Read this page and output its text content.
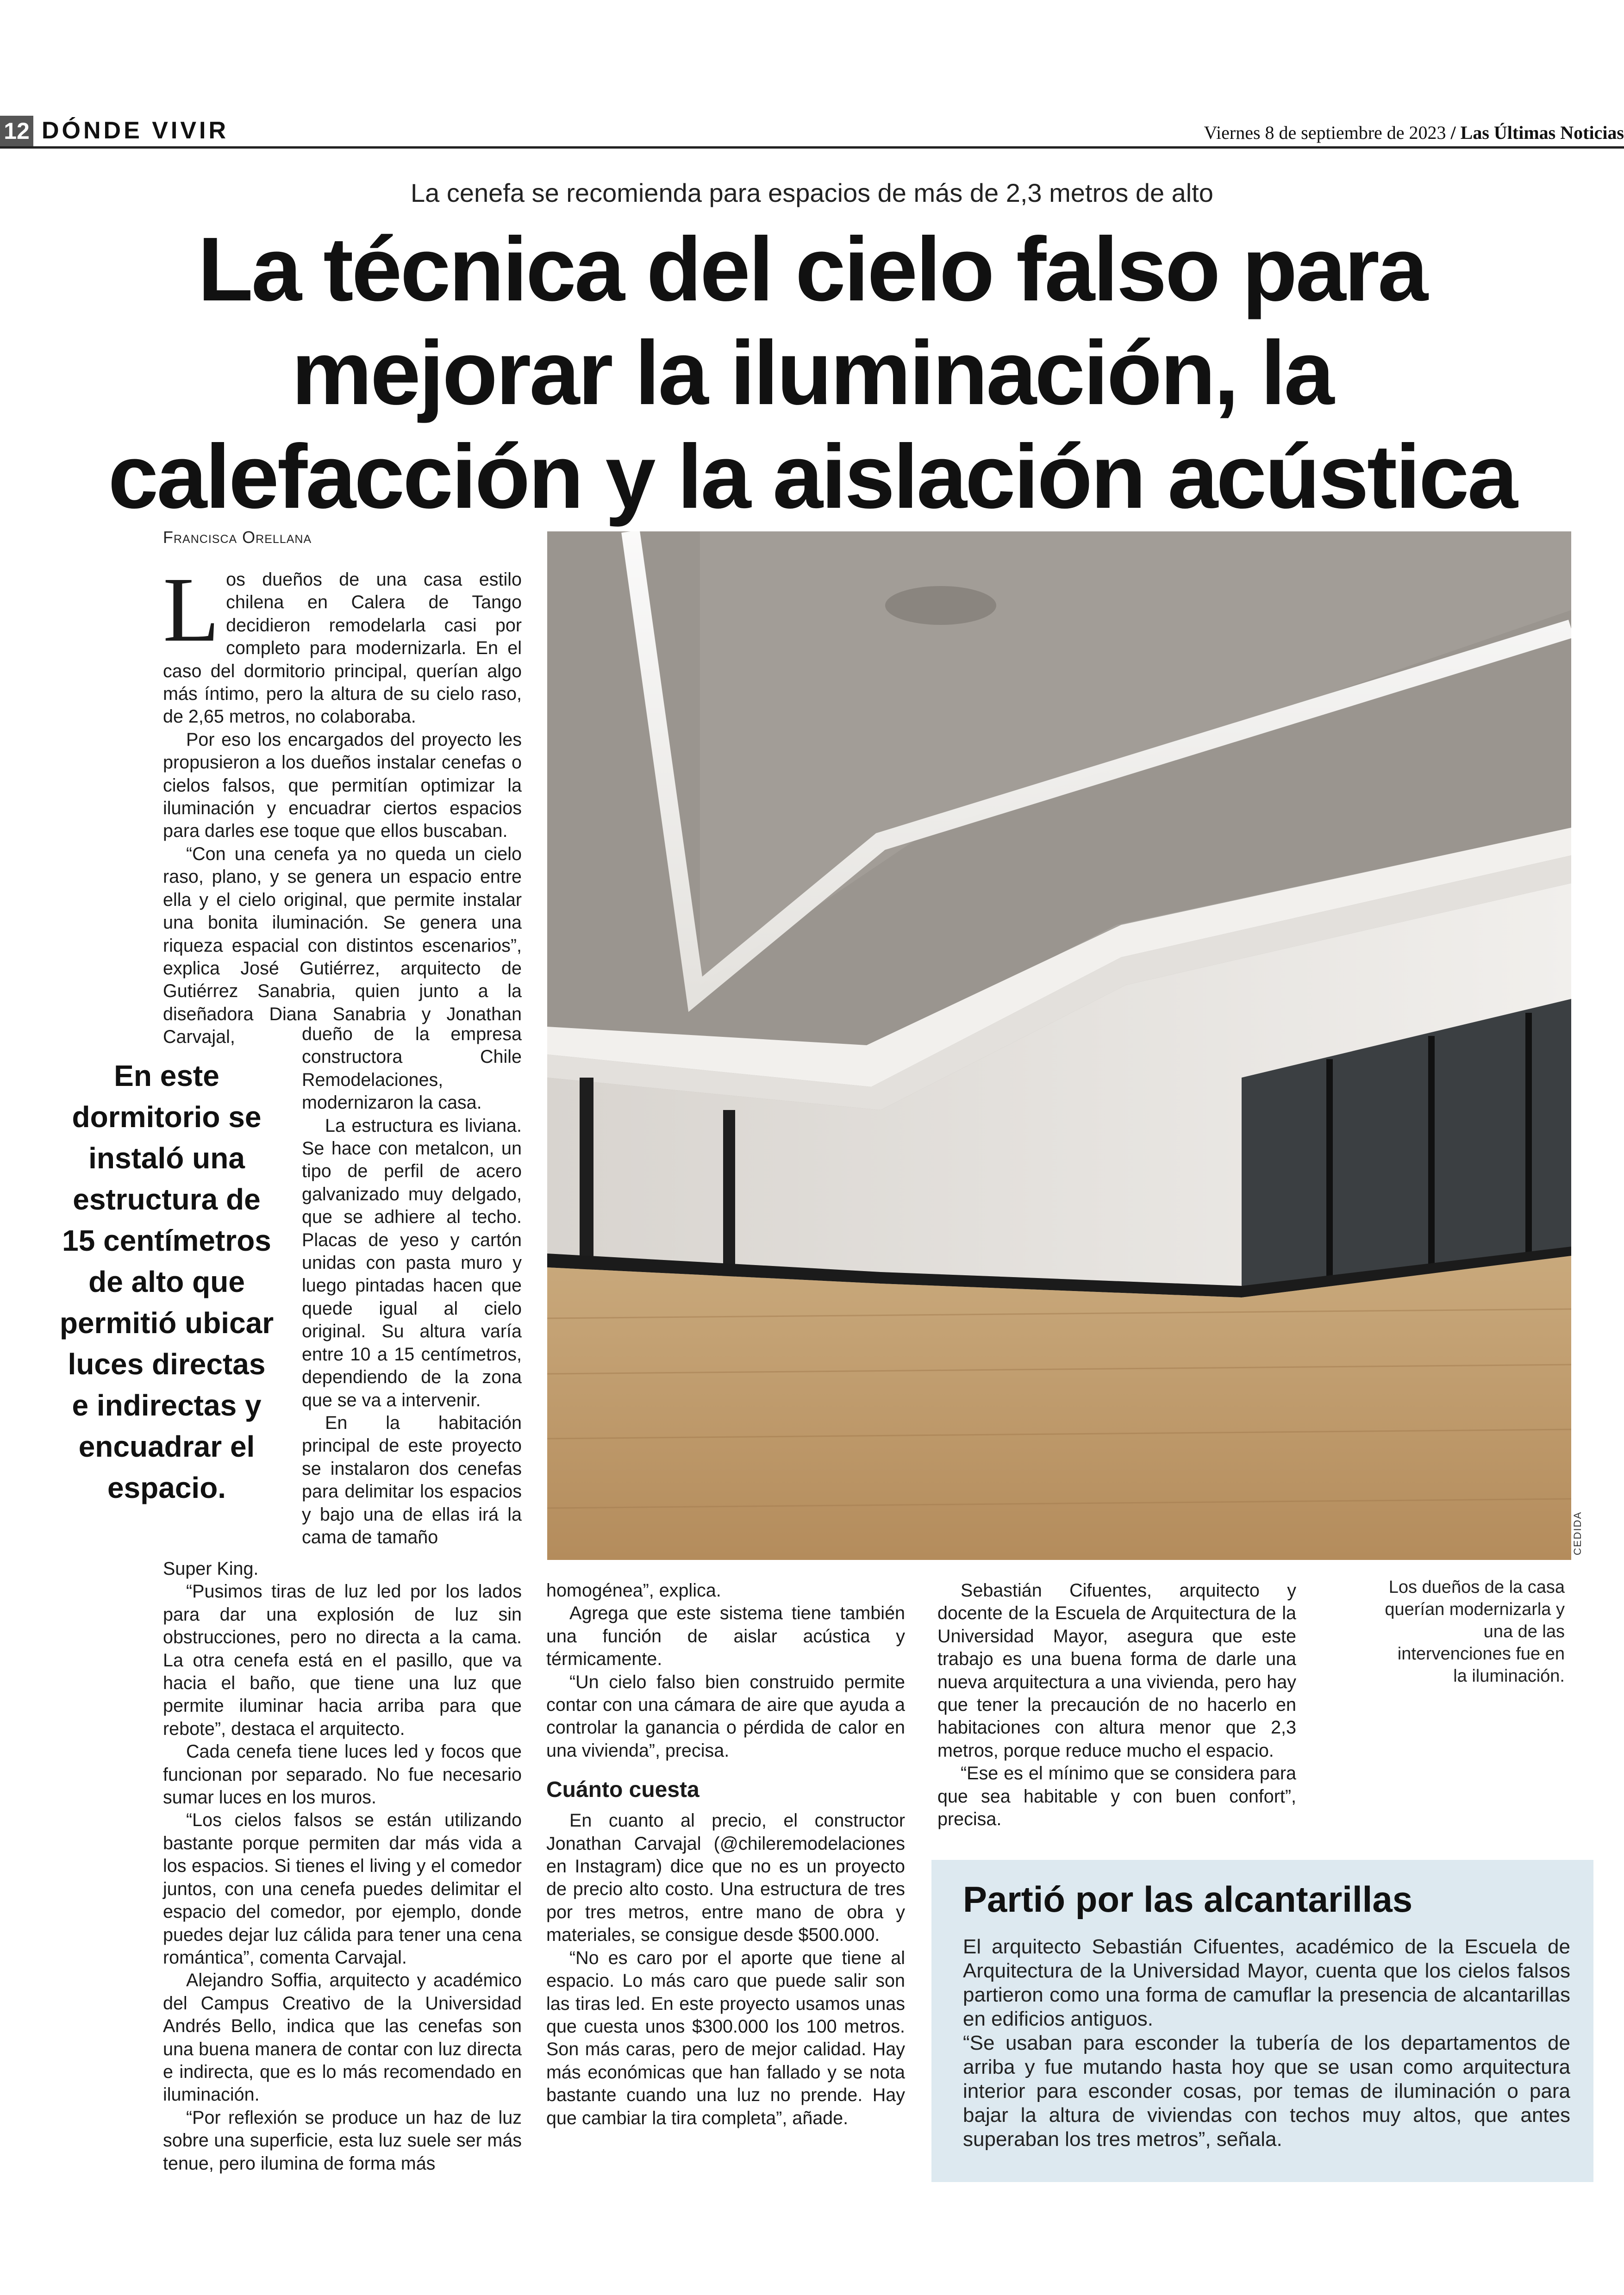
12 DÓNDE VIVIR	Viernes 8 de septiembre de 2023 / Las Últimas Noticias
La cenefa se recomienda para espacios de más de 2,3 metros de alto
La técnica del cielo falso para mejorar la iluminación, la calefacción y la aislación acústica
Francisca Orellana

Los dueños de una casa estilo chilena en Calera de Tango decidieron remodelarla casi por completo para modernizarla. En el caso del dormitorio principal, querían algo más íntimo, pero la altura de su cielo raso, de 2,65 metros, no colaboraba.

Por eso los encargados del proyecto les propusieron a los dueños instalar cenefas o cielos falsos, que permitían optimizar la iluminación y encuadrar ciertos espacios para darles ese toque que ellos buscaban.

“Con una cenefa ya no queda un cielo raso, plano, y se genera un espacio entre ella y el cielo original, que permite instalar una bonita iluminación. Se genera una riqueza espacial con distintos escenarios”, explica José Gutiérrez, arquitecto de Gutiérrez Sanabria, quien junto a la diseñadora Diana Sanabria y Jonathan Carvajal,

En este dormitorio se instaló una estructura de 15 centímetros de alto que permitió ubicar luces directas e indirectas y encuadrar el espacio.

dueño de la empresa constructora Chile Remodelaciones, modernizaron la casa.

La estructura es liviana. Se hace con metalcon, un tipo de perfil de acero galvanizado muy delgado, que se adhiere al techo. Placas de yeso y cartón unidas con pasta muro y luego pintadas hacen que quede igual al cielo original. Su altura varía entre 10 a 15 centímetros, dependiendo de la zona que se va a intervenir.

En la habitación principal de este proyecto se instalaron dos cenefas para delimitar los espacios y bajo una de ellas irá la cama de tamaño

Super King.

“Pusimos tiras de luz led por los lados para dar una explosión de luz sin obstrucciones, pero no directa a la cama. La otra cenefa está en el pasillo, que va hacia el baño, que tiene una luz que permite iluminar hacia arriba para que rebote”, destaca el arquitecto.

Cada cenefa tiene luces led y focos que funcionan por separado. No fue necesario sumar luces en los muros.

“Los cielos falsos se están utilizando bastante porque permiten dar más vida a los espacios. Si tienes el living y el comedor juntos, con una cenefa puedes delimitar el espacio del comedor, por ejemplo, donde puedes dejar luz cálida para tener una cena romántica”, comenta Carvajal.

Alejandro Soffia, arquitecto y académico del Campus Creativo de la Universidad Andrés Bello, indica que las cenefas son una buena manera de contar con luz directa e indirecta, que es lo más recomendado en iluminación.

“Por reflexión se produce un haz de luz sobre una superficie, esta luz suele ser más tenue, pero ilumina de forma más

CEDIDA

homogénea”, explica.

Agrega que este sistema tiene también una función de aislar acústica y térmicamente.

“Un cielo falso bien construido permite contar con una cámara de aire que ayuda a controlar la ganancia o pérdida de calor en una vivienda”, precisa.

Cuánto cuesta

En cuanto al precio, el constructor Jonathan Carvajal (@chileremodelaciones en Instagram) dice que no es un proyecto de precio alto costo. Una estructura de tres por tres metros, entre mano de obra y materiales, se consigue desde $500.000.

“No es caro por el aporte que tiene al espacio. Lo más caro que puede salir son las tiras led. En este proyecto usamos unas que cuesta unos $300.000 los 100 metros. Son más caras, pero de mejor calidad. Hay más económicas que han fallado y se nota bastante cuando una luz no prende. Hay que cambiar la tira completa”, añade.

Sebastián Cifuentes, arquitecto y docente de la Escuela de Arquitectura de la Universidad Mayor, asegura que este trabajo es una buena forma de darle una nueva arquitectura a una vivienda, pero hay que tener la precaución de no hacerlo en habitaciones con altura menor que 2,3 metros, porque reduce mucho el espacio.

“Ese es el mínimo que se considera para que sea habitable y con buen confort”, precisa.

Los dueños de la casa querían modernizarla y una de las intervenciones fue en la iluminación.
Partió por las alcantarillas

El arquitecto Sebastián Cifuentes, académico de la Escuela de Arquitectura de la Universidad Mayor, cuenta que los cielos falsos partieron como una forma de camuflar la presencia de alcantarillas en edificios antiguos.

“Se usaban para esconder la tubería de los departamentos de arriba y fue mutando hasta hoy que se usan como arquitectura interior para esconder cosas, por temas de iluminación o para bajar la altura de viviendas con techos muy altos, que antes superaban los tres metros”, señala.
